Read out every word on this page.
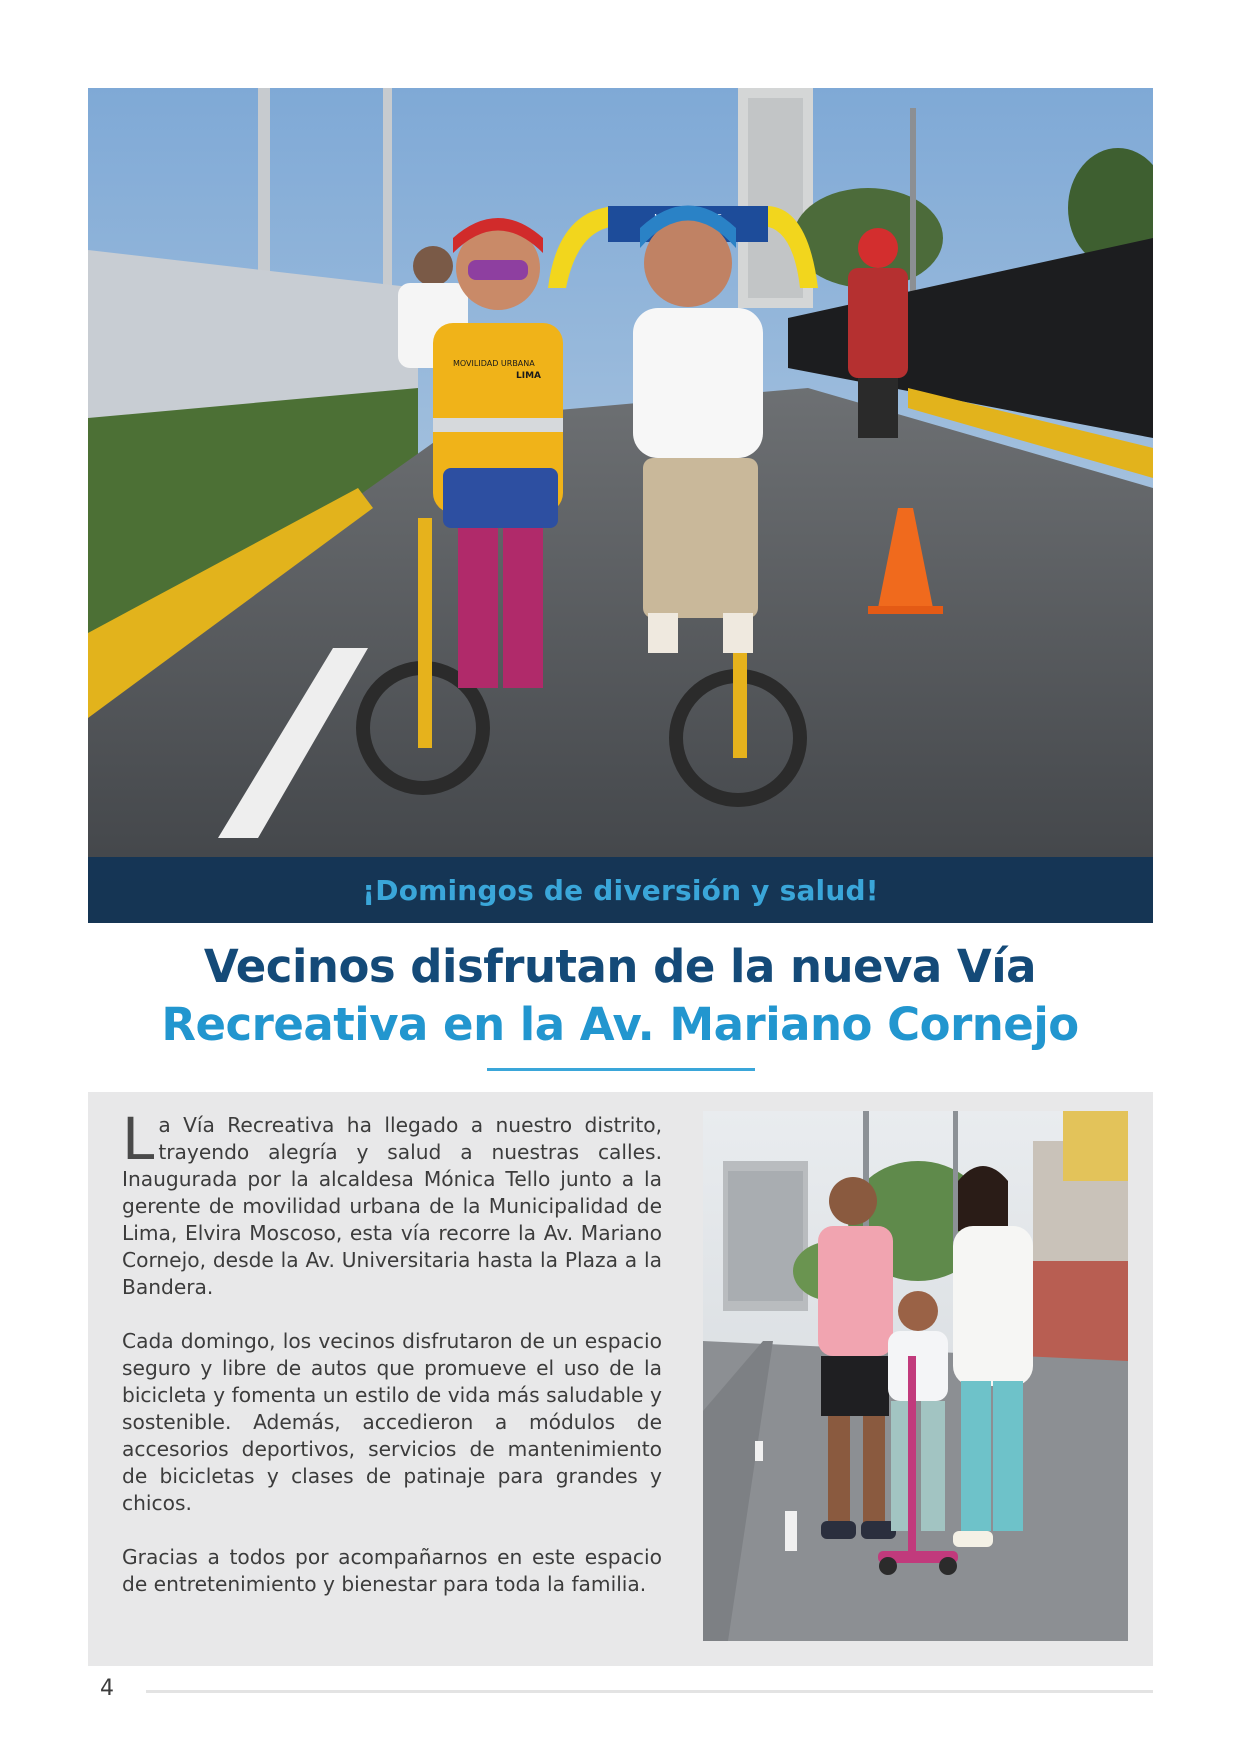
MOVILIDAD URBANA
LIMA
¡Domingos de diversión y salud!
Vecinos disfrutan de la nueva Vía
Recreativa en la Av. Mariano Cornejo

La Vía Recreativa ha llegado a nuestro distrito, trayendo alegría y salud a nuestras calles. Inaugurada por la alcaldesa Mónica Tello junto a la gerente de movilidad urbana de la Municipalidad de Lima, Elvira Moscoso, esta vía recorre la Av. Mariano Cornejo, desde la Av. Universitaria hasta la Plaza a la Bandera.

Cada domingo, los vecinos disfrutaron de un espacio seguro y libre de autos que promueve el uso de la bicicleta y fomenta un estilo de vida más saludable y sostenible. Además, accedieron a módulos de accesorios deportivos, servicios de mantenimiento de bicicletas y clases de patinaje para grandes y chicos.

Gracias a todos por acompañarnos en este espacio de entretenimiento y bienestar para toda la familia.

4
